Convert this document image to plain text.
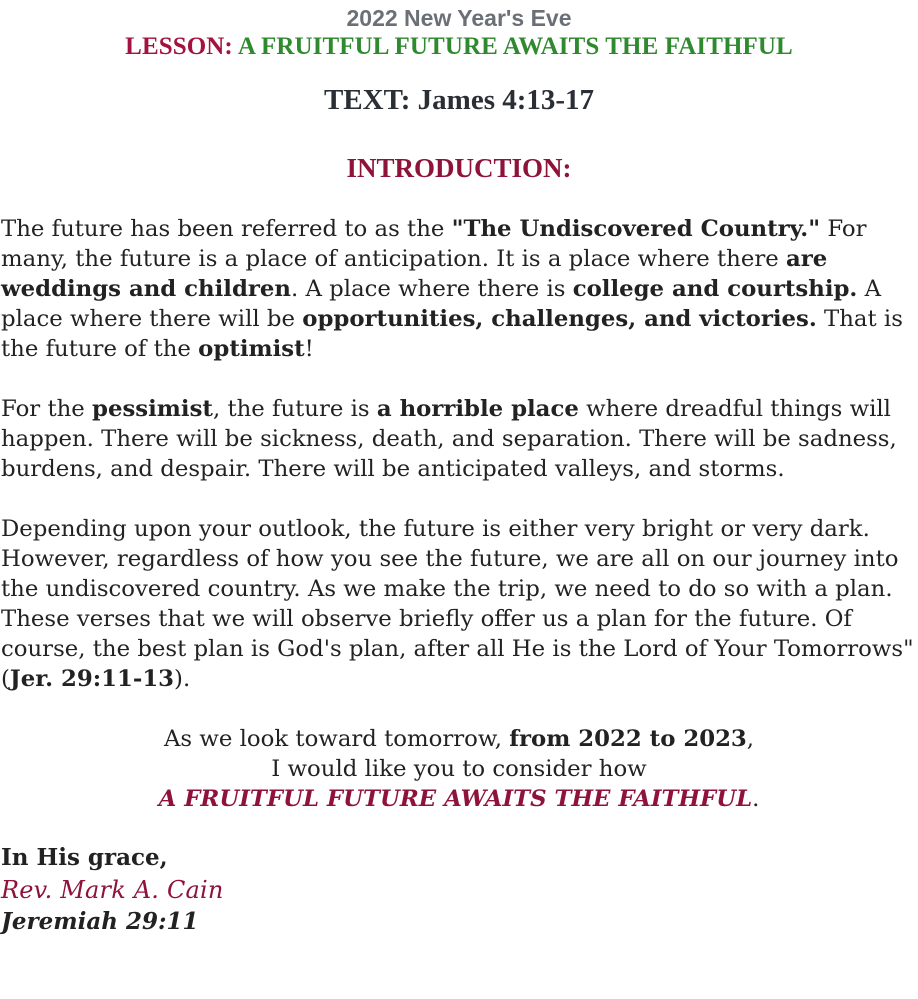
2022 New Year's Eve
LESSON: A FRUITFUL FUTURE AWAITS THE FAITHFUL
TEXT: James 4:13-17
INTRODUCTION:

The future has been referred to as the "The Undiscovered Country." For many, the future is a place of anticipation. It is a place where there are weddings and children. A place where there is college and courtship. A place where there will be opportunities, challenges, and victories. That is the future of the optimist!

For the pessimist, the future is a horrible place where dreadful things will happen. There will be sickness, death, and separation. There will be sadness, burdens, and despair. There will be anticipated valleys, and storms.

Depending upon your outlook, the future is either very bright or very dark. However, regardless of how you see the future, we are all on our journey into the undiscovered country. As we make the trip, we need to do so with a plan. These verses that we will observe briefly offer us a plan for the future. Of course, the best plan is God's plan, after all He is the Lord of Your Tomorrows" (Jer. 29:11-13).

As we look toward tomorrow, from 2022 to 2023,
I would like you to consider how
A FRUITFUL FUTURE AWAITS THE FAITHFUL.
In His grace,
Rev. Mark A. Cain
Jeremiah 29:11
